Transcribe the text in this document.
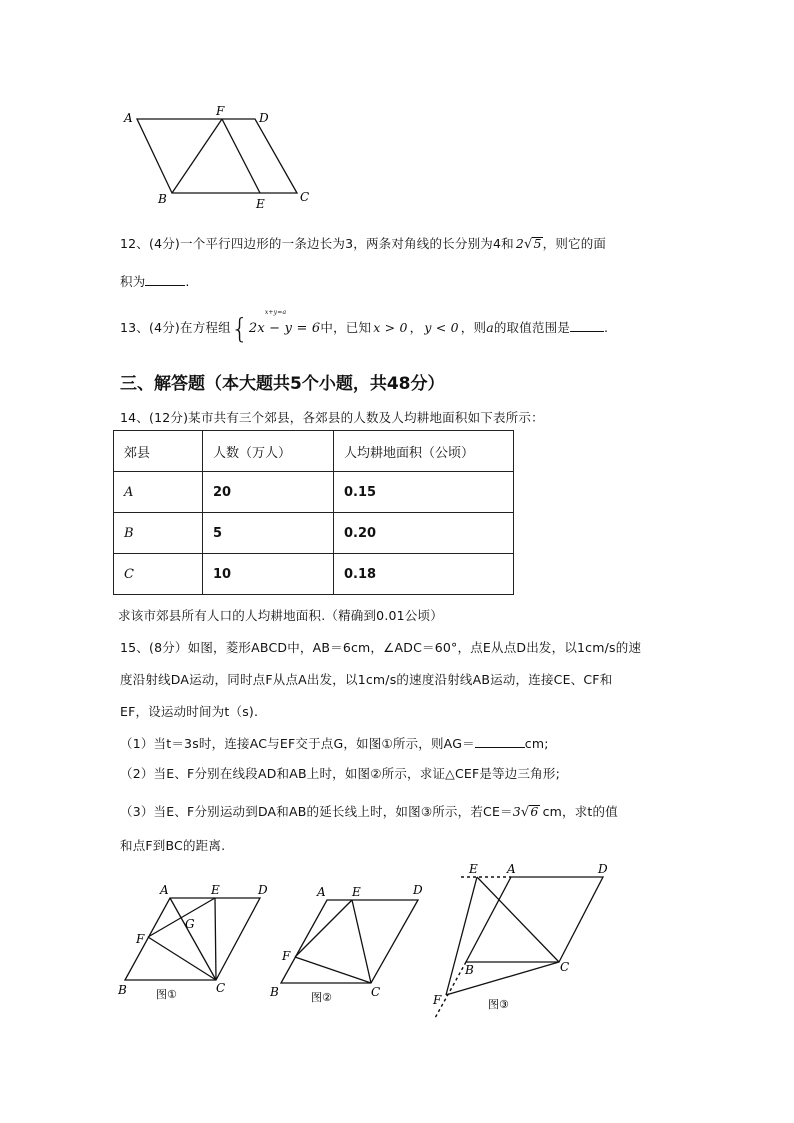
A	F	D
B	E	C
12、(4分)一个平行四边形的一条边长为3，两条对角线的长分别为4和 2√5，则它的面
积为	.
13、(4分)在方程组{	x+y=a
2x − y = 6中，已知 x > 0 ， y < 0 ，则a的取值范围是	.
三、解答题（本大题共5个小题，共48分）
14、(12分)某市共有三个郊县，各郊县的人数及人均耕地面积如下表所示：
郊县	人数（万人）	人均耕地面积（公顷）
A	20	0.15
B	5	0.20
C	10	0.18
求该市郊县所有人口的人均耕地面积.（精确到0.01公顷）
15、(8分）如图，菱形ABCD中，AB＝6cm，∠ADC＝60°，点E从点D出发，以1cm/s的速
度沿射线DA运动，同时点F从点A出发，以1cm/s的速度沿射线AB运动，连接CE、CF和
EF，设运动时间为t（s).
（1）当t＝3s时，连接AC与EF交于点G，如图①所示，则AG＝	cm;
（2）当E、F分别在线段AD和AB上时，如图②所示，求证△CEF是等边三角形;
（3）当E、F分别运动到DA和AB的延长线上时，如图③所示，若CE＝3√6 cm，求t的值
和点F到BC的距离.
A	E	D
F
G
B	C
图①
A E	D
F
B	C
图②
E A	D
B	C
F	图③
